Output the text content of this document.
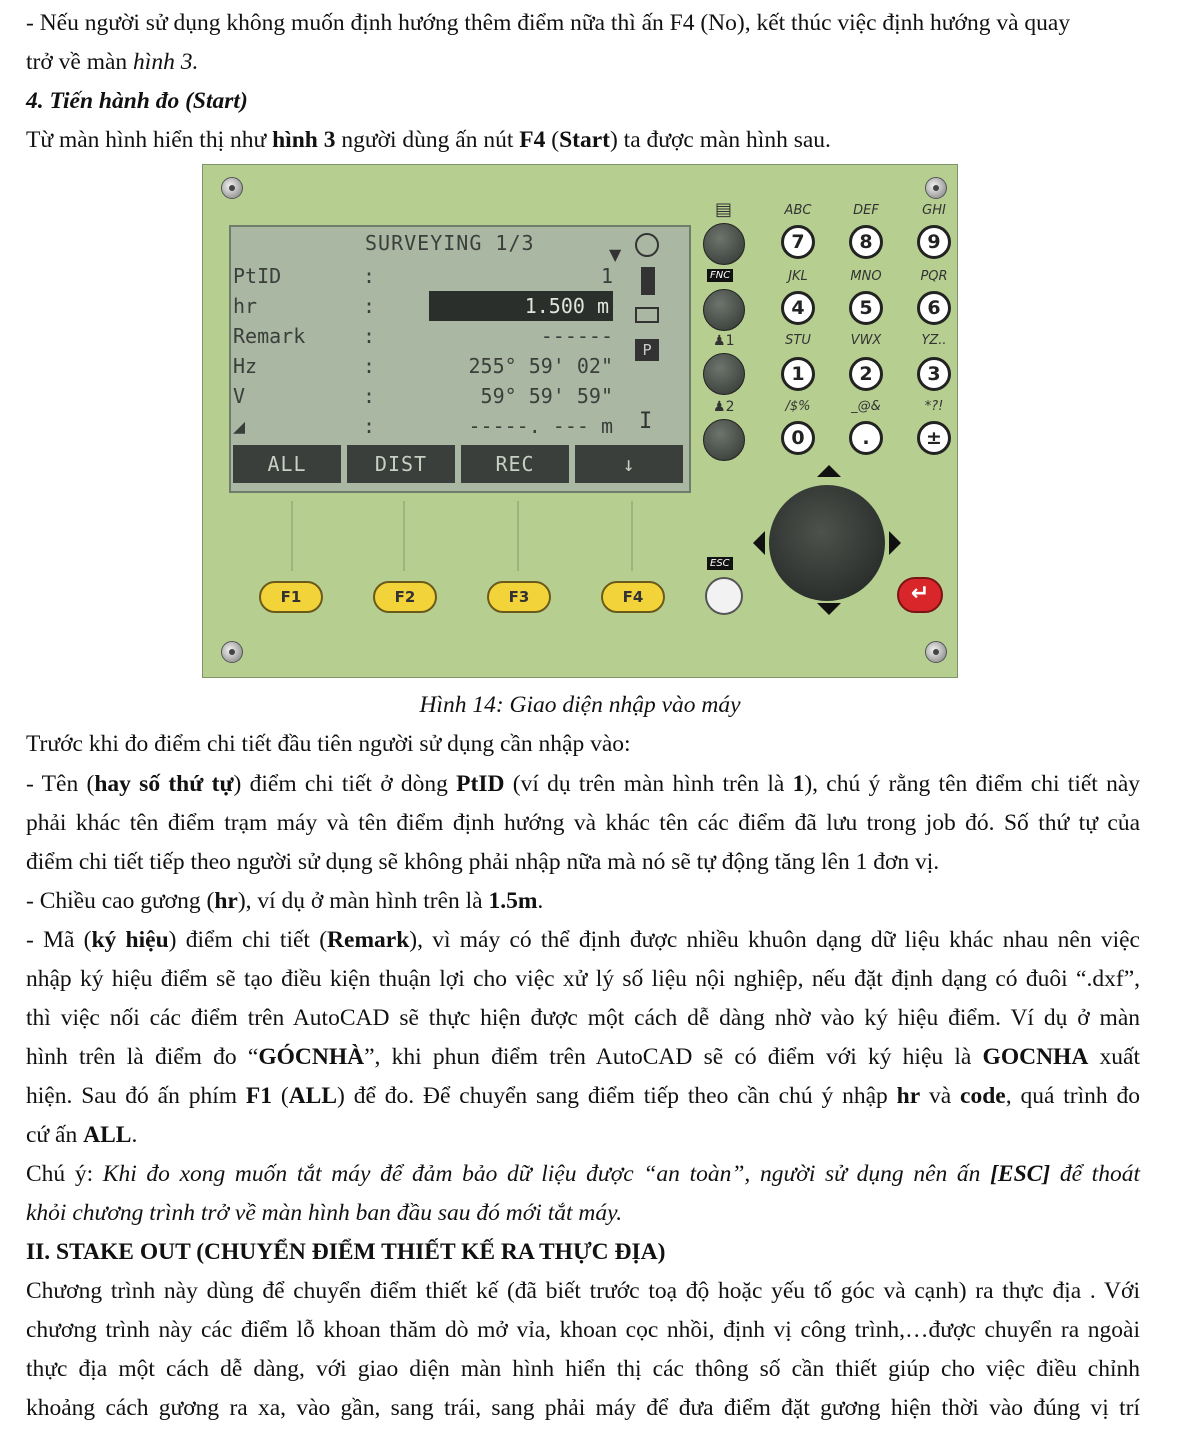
- Nếu người sử dụng không muốn định hướng thêm điểm nữa thì ấn F4 (No), kết thúc việc định hướng và quay
trở về màn hình 3.
4. Tiến hành đo (Start)
Từ màn hình hiển thị như hình 3 người dùng ấn nút F4 (Start) ta được màn hình sau.
SURVEYING 1/3
PtID	:	1
hr	:	1.500 m
Remark	:	------
Hz	:	255° 59' 02"
V	:	59° 59' 59"
◢	:	-----. --- m
▼
P
I
ALL	DIST	REC	↓
F1	F2	F3	F4
▤
FNC
♟1
♟2
ABC	DEF	GHI
7	8	9
JKL	MNO	PQR
4	5	6
STU	VWX	YZ..
1	2	3
/$%	_@&	*?!
0	.	±
ESC
↵
Hình 14: Giao diện nhập vào máy
Trước khi đo điểm chi tiết đầu tiên người sử dụng cần nhập vào:
- Tên (hay số thứ tự) điểm chi tiết ở dòng PtID (ví dụ trên màn hình trên là 1), chú ý rằng tên điểm chi tiết này
phải khác tên điểm trạm máy và tên điểm định hướng và khác tên các điểm đã lưu trong job đó. Số thứ tự của
điểm chi tiết tiếp theo người sử dụng sẽ không phải nhập nữa mà nó sẽ tự động tăng lên 1 đơn vị.
- Chiều cao gương (hr), ví dụ ở màn hình trên là 1.5m.
- Mã (ký hiệu) điểm chi tiết (Remark), vì máy có thể định được nhiều khuôn dạng dữ liệu khác nhau nên việc
nhập ký hiệu điểm sẽ tạo điều kiện thuận lợi cho việc xử lý số liệu nội nghiệp, nếu đặt định dạng có đuôi “.dxf”,
thì việc nối các điểm trên AutoCAD sẽ thực hiện được một cách dễ dàng nhờ vào ký hiệu điểm. Ví dụ ở màn
hình trên là điểm đo “GÓCNHÀ”, khi phun điểm trên AutoCAD sẽ có điểm với ký hiệu là GOCNHA xuất
hiện. Sau đó ấn phím F1 (ALL) để đo. Để chuyển sang điểm tiếp theo cần chú ý nhập hr và code, quá trình đo
cứ ấn ALL.
Chú ý: Khi đo xong muốn tắt máy để đảm bảo dữ liệu được “an toàn”, người sử dụng nên ấn [ESC] để thoát
khỏi chương trình trở về màn hình ban đầu sau đó mới tắt máy.
II. STAKE OUT (CHUYỂN ĐIỂM THIẾT KẾ RA THỰC ĐỊA)
Chương trình này dùng để chuyển điểm thiết kế (đã biết trước toạ độ hoặc yếu tố góc và cạnh) ra thực địa . Với
chương trình này các điểm lỗ khoan thăm dò mở vỉa, khoan cọc nhồi, định vị công trình,…được chuyển ra ngoài
thực địa một cách dễ dàng, với giao diện màn hình hiển thị các thông số cần thiết giúp cho việc điều chỉnh
khoảng cách gương ra xa, vào gần, sang trái, sang phải máy để đưa điểm đặt gương hiện thời vào đúng vị trí
